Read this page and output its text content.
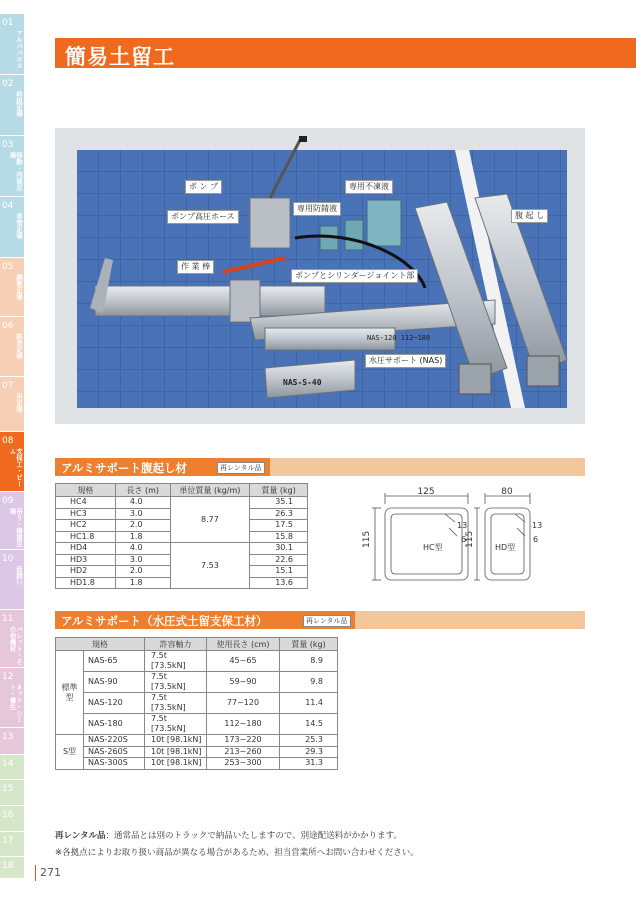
01
アルバパロス
02
枠組足場
03
移動・内装足場
04
単管足場
05
鋼製足場
06
鉄骨足場
07
吊足場
08
支保工・ビーム
09
吊り・揚重足場
10
仮囲い
11
パレット・その他機材
12
ネット・シート・養生
13
14
15
16
17
18 271
簡易土留工
ポ ン プ	専用不凍液
専用防錆液
ポンプ高圧ホース
作 業 棒
ポンプとシリンダージョイント部
腹 起 し
水圧サポート (NAS)
NAS-120 112~180
NAS-S-40
アルミサポート腹起し材	再レンタル品
規格	長さ (m)	単位質量 (kg/m)	質量 (kg)
HC4	4.0	8.77	35.1
HC3	3.0		26.3
HC2	2.0		17.5
HC1.8	1.8		15.8
HD4	4.0	7.53	30.1
HD3	3.0		22.6
HD2	2.0		15.1
HD1.8	1.8		13.6
125	80
115	115
13
6
13
6
HC型	HD型
アルミサポート（水圧式土留支保工材）	再レンタル品
規格		許容軸力	使用長さ (cm)	質量 (kg)
標準型	NAS-65	7.5t [73.5kN]	45~65	8.9
	NAS-90	7.5t [73.5kN]	59~90	9.8
	NAS-120	7.5t [73.5kN]	77~120	11.4
	NAS-180	7.5t [73.5kN]	112~180	14.5
S型	NAS-220S	10t [98.1kN]	173~220	25.3
	NAS-260S	10t [98.1kN]	213~260	29.3
	NAS-300S	10t [98.1kN]	253~300	31.3
再レンタル品：通常品とは別のトラックで納品いたしますので、別途配送料がかかります。
※各拠点によりお取り扱い商品が異なる場合があるため、担当営業所へお問い合わせください。
